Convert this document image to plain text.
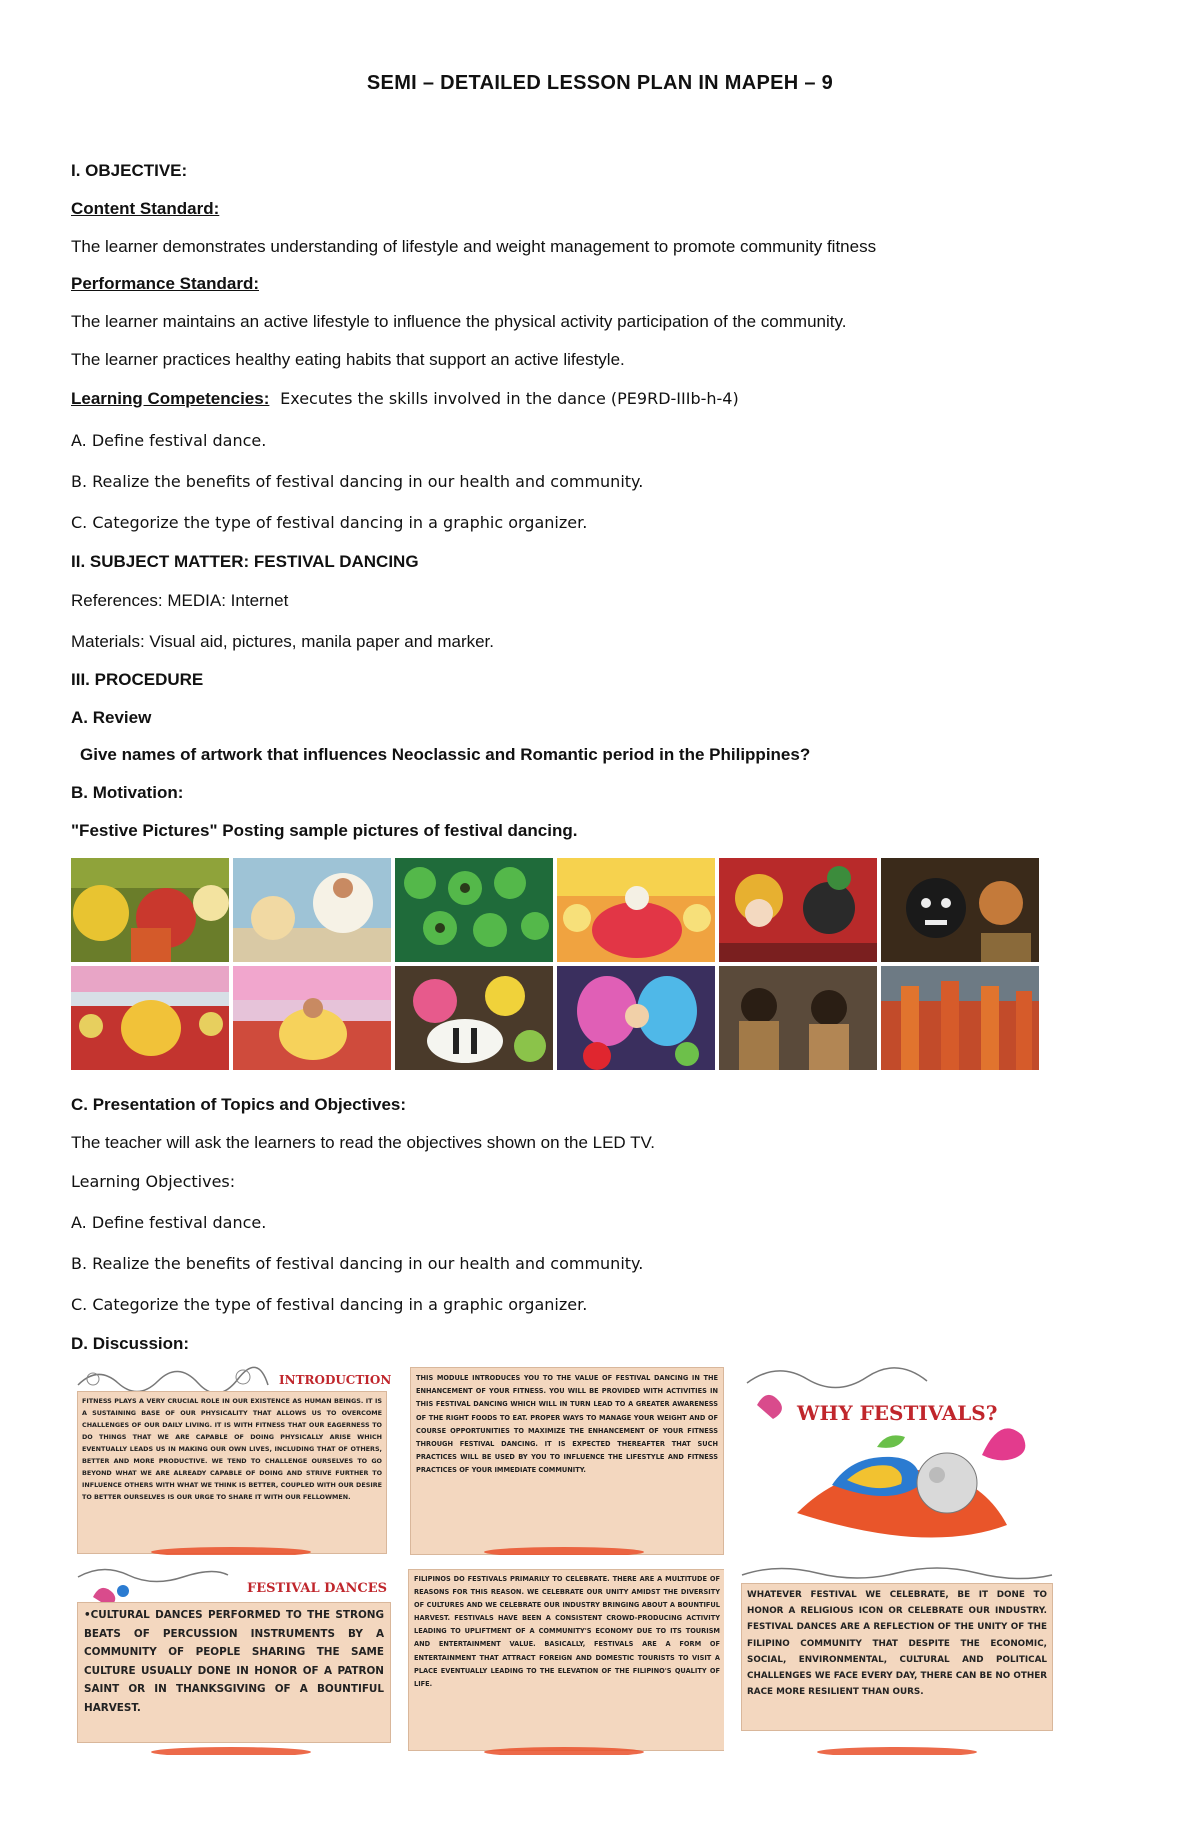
SEMI – DETAILED LESSON PLAN IN MAPEH – 9
I. OBJECTIVE:
Content Standard:
The learner demonstrates understanding of lifestyle and weight management to promote community fitness
Performance Standard:
The learner maintains an active lifestyle to influence the physical activity participation of the community.
The learner practices healthy eating habits that support an active lifestyle.
Learning Competencies: Executes the skills involved in the dance (PE9RD-IIIb-h-4)
A. Define festival dance.
B. Realize the benefits of festival dancing in our health and community.
C. Categorize the type of festival dancing in a graphic organizer.
II. SUBJECT MATTER: FESTIVAL DANCING
References: MEDIA: Internet
Materials: Visual aid, pictures, manila paper and marker.
III. PROCEDURE
A. Review
Give names of artwork that influences Neoclassic and Romantic period in the Philippines?
B. Motivation:
"Festive Pictures" Posting sample pictures of festival dancing.
C. Presentation of Topics and Objectives:
The teacher will ask the learners to read the objectives shown on the LED TV.
Learning Objectives:
A. Define festival dance.
B. Realize the benefits of festival dancing in our health and community.
C. Categorize the type of festival dancing in a graphic organizer.
D. Discussion:
INTRODUCTION
FITNESS PLAYS A VERY CRUCIAL ROLE IN OUR EXISTENCE AS HUMAN BEINGS. IT IS A SUSTAINING BASE OF OUR PHYSICALITY THAT ALLOWS US TO OVERCOME CHALLENGES OF OUR DAILY LIVING. IT IS WITH FITNESS THAT OUR EAGERNESS TO DO THINGS THAT WE ARE CAPABLE OF DOING PHYSICALLY ARISE WHICH EVENTUALLY LEADS US IN MAKING OUR OWN LIVES, INCLUDING THAT OF OTHERS, BETTER AND MORE PRODUCTIVE. WE TEND TO CHALLENGE OURSELVES TO GO BEYOND WHAT WE ARE ALREADY CAPABLE OF DOING AND STRIVE FURTHER TO INFLUENCE OTHERS WITH WHAT WE THINK IS BETTER, COUPLED WITH OUR DESIRE TO BETTER OURSELVES IS OUR URGE TO SHARE IT WITH OUR FELLOWMEN.
THIS MODULE INTRODUCES YOU TO THE VALUE OF FESTIVAL DANCING IN THE ENHANCEMENT OF YOUR FITNESS. YOU WILL BE PROVIDED WITH ACTIVITIES IN THIS FESTIVAL DANCING WHICH WILL IN TURN LEAD TO A GREATER AWARENESS OF THE RIGHT FOODS TO EAT. PROPER WAYS TO MANAGE YOUR WEIGHT AND OF COURSE OPPORTUNITIES TO MAXIMIZE THE ENHANCEMENT OF YOUR FITNESS THROUGH FESTIVAL DANCING. IT IS EXPECTED THEREAFTER THAT SUCH PRACTICES WILL BE USED BY YOU TO INFLUENCE THE LIFESTYLE AND FITNESS PRACTICES OF YOUR IMMEDIATE COMMUNITY.
WHY FESTIVALS?
FESTIVAL DANCES
•CULTURAL DANCES PERFORMED TO THE STRONG BEATS OF PERCUSSION INSTRUMENTS BY A COMMUNITY OF PEOPLE SHARING THE SAME CULTURE USUALLY DONE IN HONOR OF A PATRON SAINT OR IN THANKSGIVING OF A BOUNTIFUL HARVEST.
FILIPINOS DO FESTIVALS PRIMARILY TO CELEBRATE. THERE ARE A MULTITUDE OF REASONS FOR THIS REASON. WE CELEBRATE OUR UNITY AMIDST THE DIVERSITY OF CULTURES AND WE CELEBRATE OUR INDUSTRY BRINGING ABOUT A BOUNTIFUL HARVEST. FESTIVALS HAVE BEEN A CONSISTENT CROWD-PRODUCING ACTIVITY LEADING TO UPLIFTMENT OF A COMMUNITY'S ECONOMY DUE TO ITS TOURISM AND ENTERTAINMENT VALUE. BASICALLY, FESTIVALS ARE A FORM OF ENTERTAINMENT THAT ATTRACT FOREIGN AND DOMESTIC TOURISTS TO VISIT A PLACE EVENTUALLY LEADING TO THE ELEVATION OF THE FILIPINO'S QUALITY OF LIFE.
WHATEVER FESTIVAL WE CELEBRATE, BE IT DONE TO HONOR A RELIGIOUS ICON OR CELEBRATE OUR INDUSTRY. FESTIVAL DANCES ARE A REFLECTION OF THE UNITY OF THE FILIPINO COMMUNITY THAT DESPITE THE ECONOMIC, SOCIAL, ENVIRONMENTAL, CULTURAL AND POLITICAL CHALLENGES WE FACE EVERY DAY, THERE CAN BE NO OTHER RACE MORE RESILIENT THAN OURS.
